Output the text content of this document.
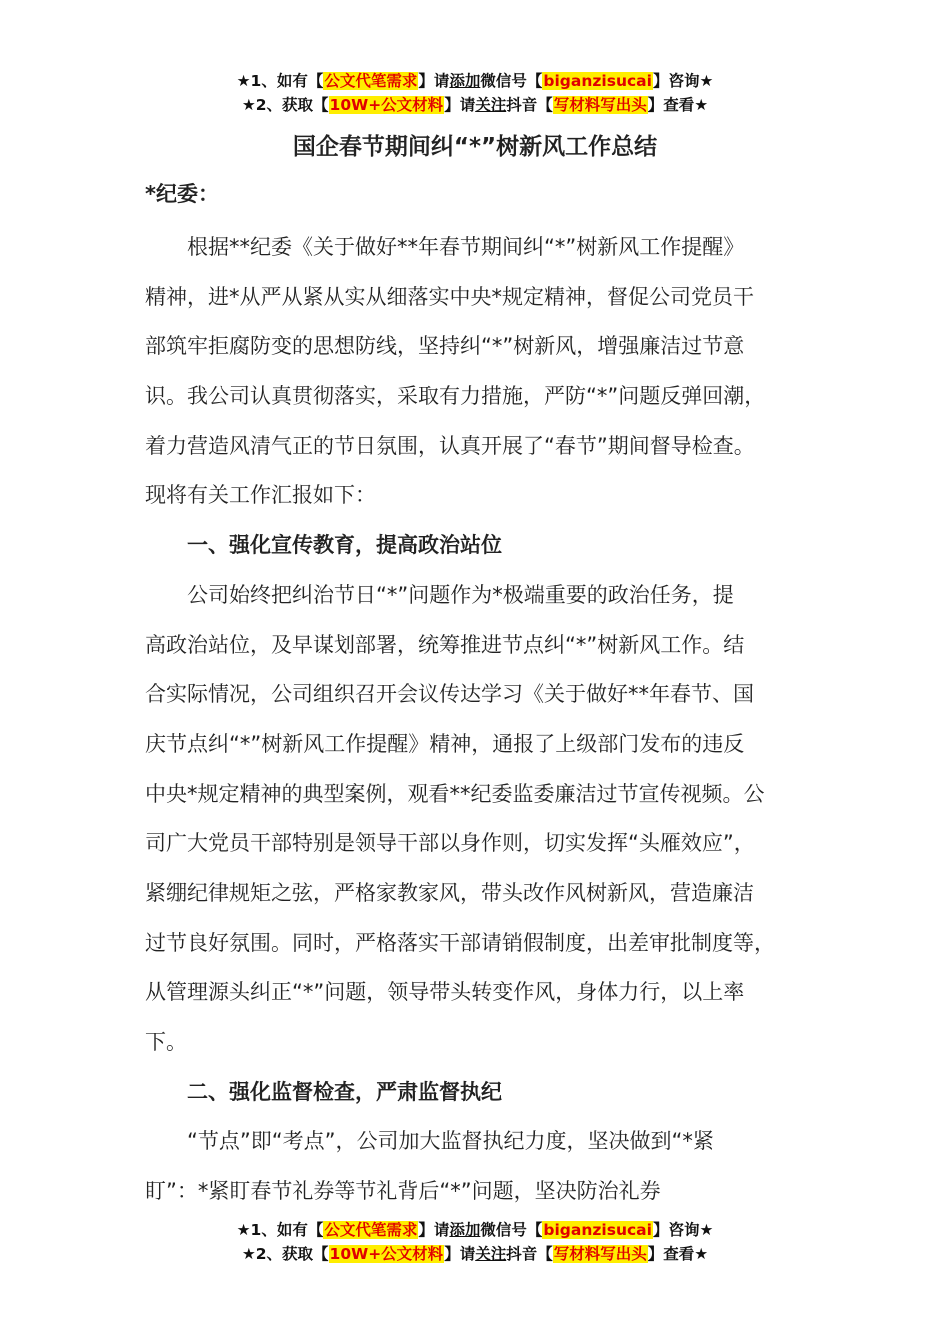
★1、如有【公文代笔需求】请添加微信号【biganzisucai】咨询★
★2、获取【10W+公文材料】请关注抖音【写材料写出头】查看★
国企春节期间纠“*”树新风工作总结
*纪委：
　　根据**纪委《关于做好**年春节期间纠“*”树新风工作提醒》
精神，进*从严从紧从实从细落实中央*规定精神，督促公司党员干
部筑牢拒腐防变的思想防线，坚持纠“*”树新风，增强廉洁过节意
识。我公司认真贯彻落实，采取有力措施，严防“*”问题反弹回潮，
着力营造风清气正的节日氛围，认真开展了“春节”期间督导检查。
现将有关工作汇报如下：
　　一、强化宣传教育，提高政治站位
　　公司始终把纠治节日“*”问题作为*极端重要的政治任务，提
高政治站位，及早谋划部署，统筹推进节点纠“*”树新风工作。结
合实际情况，公司组织召开会议传达学习《关于做好**年春节、国
庆节点纠“*”树新风工作提醒》精神，通报了上级部门发布的违反
中央*规定精神的典型案例，观看**纪委监委廉洁过节宣传视频。公
司广大党员干部特别是领导干部以身作则，切实发挥“头雁效应”，
紧绷纪律规矩之弦，严格家教家风，带头改作风树新风，营造廉洁
过节良好氛围。同时，严格落实干部请销假制度，出差审批制度等，
从管理源头纠正“*”问题，领导带头转变作风，身体力行，以上率
下。
　　二、强化监督检查，严肃监督执纪
　　“节点”即“考点”，公司加大监督执纪力度，坚决做到“*紧
盯”：*紧盯春节礼券等节礼背后“*”问题，坚决防治礼券
★1、如有【公文代笔需求】请添加微信号【biganzisucai】咨询★
★2、获取【10W+公文材料】请关注抖音【写材料写出头】查看★
